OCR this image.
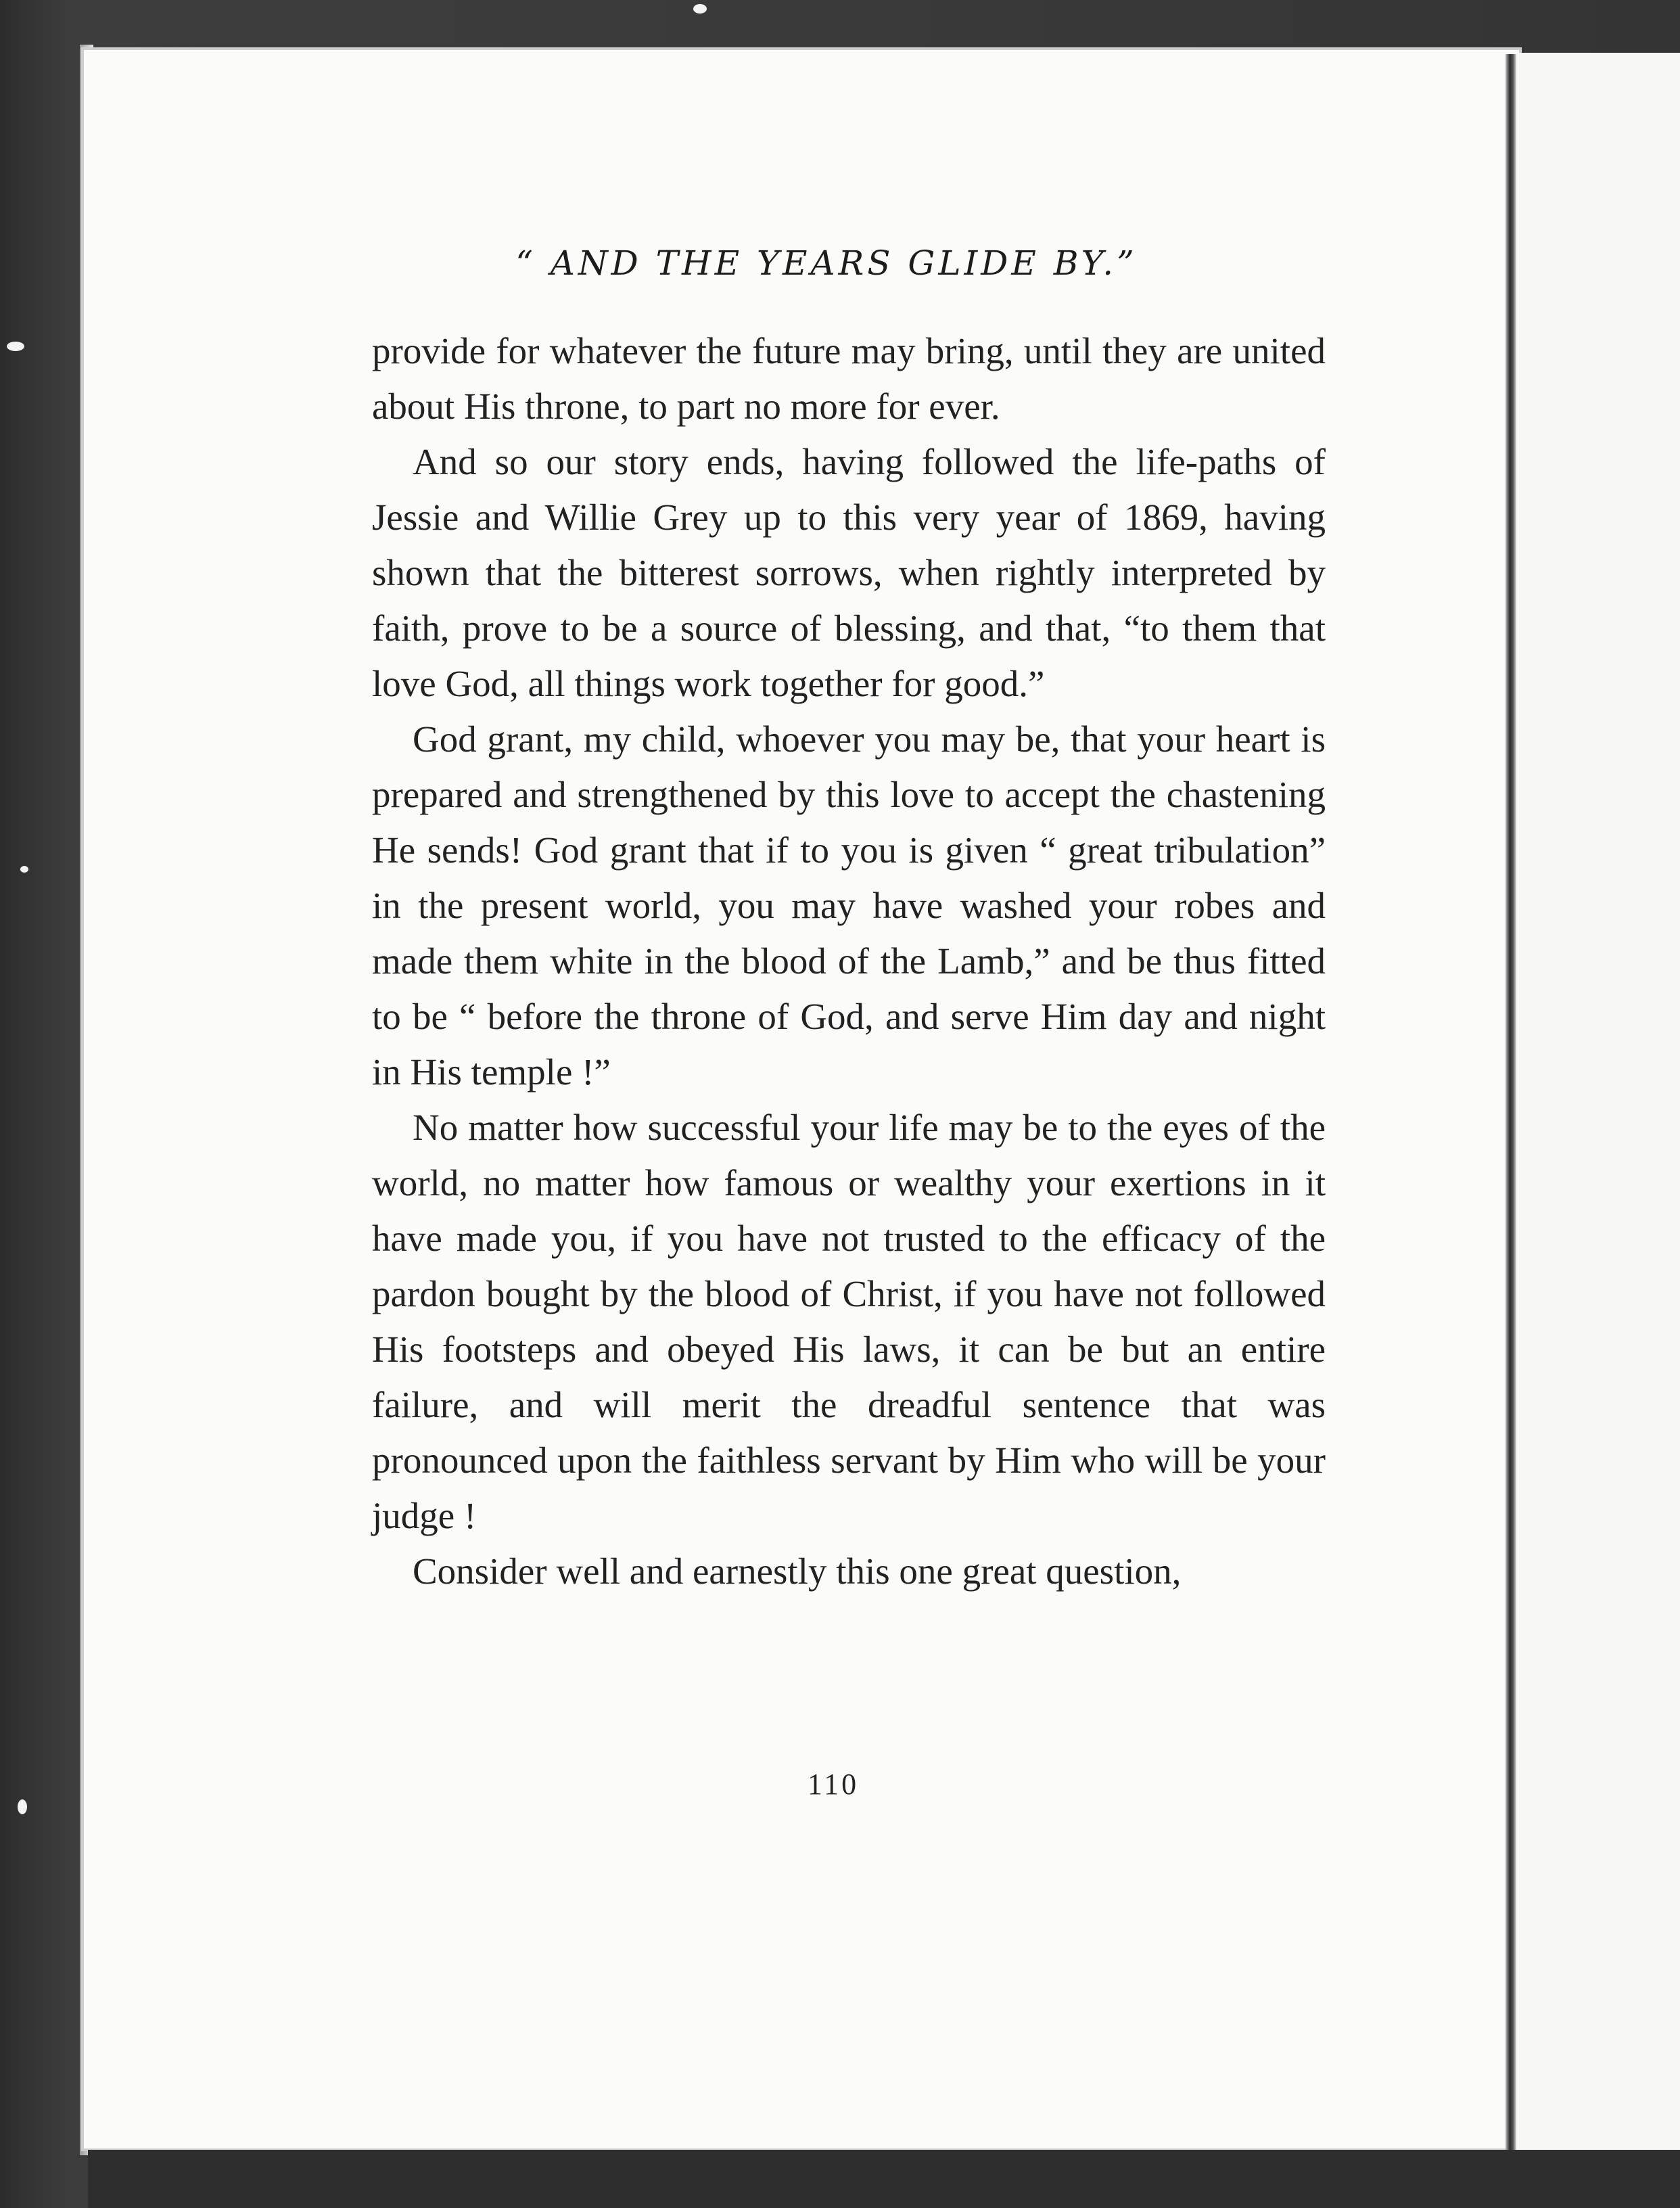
“ AND THE YEARS GLIDE BY.”

provide for whatever the future may bring, until they are united about His throne, to part no more for ever.

And so our story ends, having followed the life-paths of Jessie and Willie Grey up to this very year of 1869, having shown that the bitterest sorrows, when rightly interpreted by faith, prove to be a source of blessing, and that, “to them that love God, all things work together for good.”

God grant, my child, whoever you may be, that your heart is prepared and strengthened by this love to accept the chastening He sends! God grant that if to you is given “ great tribulation” in the present world, you may have washed your robes and made them white in the blood of the Lamb,” and be thus fitted to be “ before the throne of God, and serve Him day and night in His temple !”

No matter how successful your life may be to the eyes of the world, no matter how famous or wealthy your exertions in it have made you, if you have not trusted to the efficacy of the pardon bought by the blood of Christ, if you have not followed His footsteps and obeyed His laws, it can be but an entire failure, and will merit the dreadful sentence that was pronounced upon the faithless servant by Him who will be your judge !

Consider well and earnestly this one great question,

110
